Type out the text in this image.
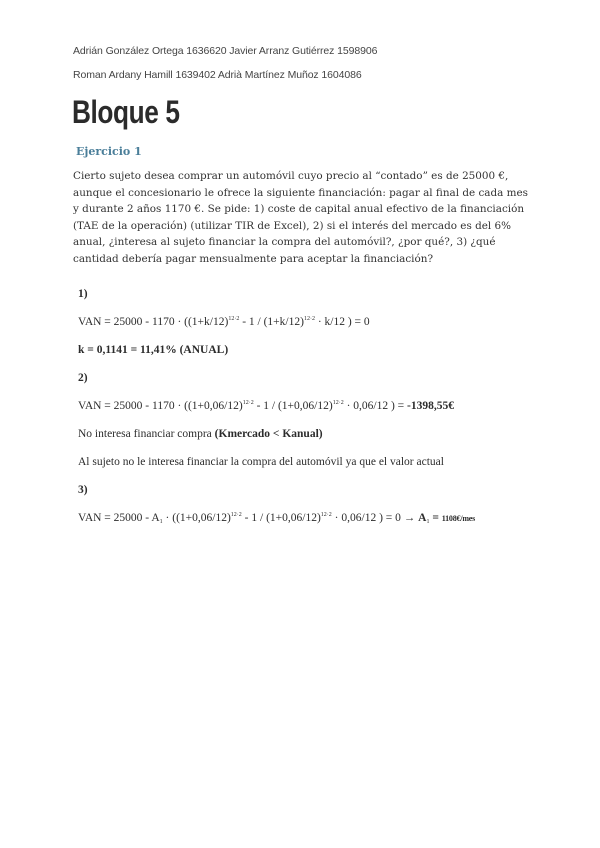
Adrián González Ortega 1636620 Javier Arranz Gutiérrez 1598906
Roman Ardany Hamill 1639402 Adrià Martínez Muñoz 1604086
Bloque 5
Ejercicio 1
Cierto sujeto desea comprar un automóvil cuyo precio al “contado” es de 25000 €, aunque el concesionario le ofrece la siguiente financiación: pagar al final de cada mes y durante 2 años 1170 €. Se pide: 1) coste de capital anual efectivo de la financiación (TAE de la operación) (utilizar TIR de Excel), 2) si el interés del mercado es del 6% anual, ¿interesa al sujeto financiar la compra del automóvil?, ¿por qué?, 3) ¿qué cantidad debería pagar mensualmente para aceptar la financiación?
1)
VAN = $25000 - 1170 \cdot ((1+k/12)^{12\cdot 2} - 1 / (1+k/12)^{12\cdot 2} \cdot k/12$ ) = 0
k = 0,1141 = 11,41% (ANUAL)
2)
VAN = $25000 - 1170 \cdot ((1+0,06/12)^{12\cdot 2} - 1 / (1+0,06/12)^{12\cdot 2} \cdot 0,06/12$ ) = -1398,55€
No interesa financiar compra (Kmercado < Kanual)
Al sujeto no le interesa financiar la compra del automóvil ya que el valor actual
3)
VAN = $25000 - A_1 \cdot ((1+0,06/12)^{12\cdot 2} - 1 / (1+0,06/12)^{12\cdot 2} \cdot 0,06/12$ ) = $0 \to A_1$ = 1108€/mes
